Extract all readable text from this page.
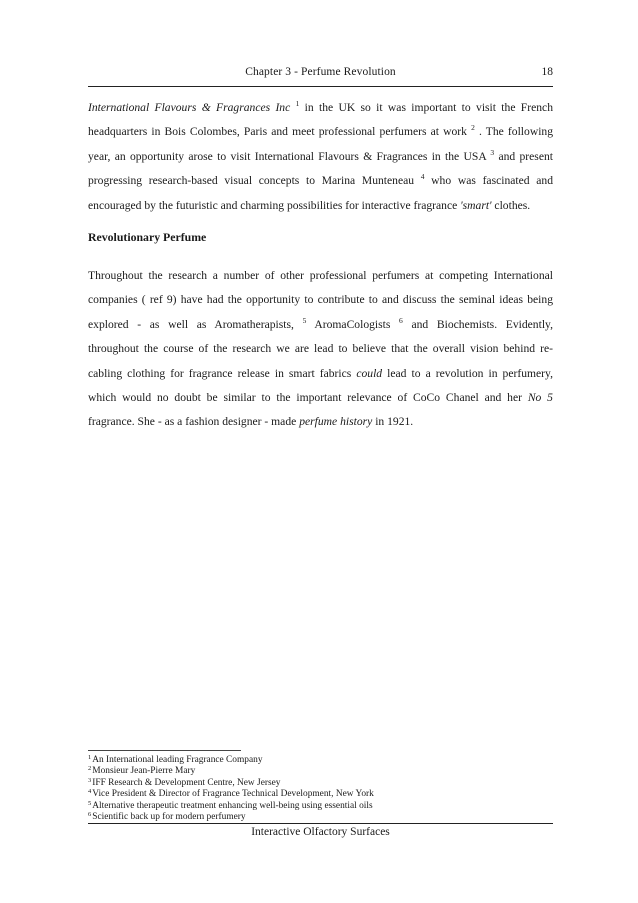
Chapter 3 - Perfume Revolution	18
International Flavours & Fragrances Inc $^1$ in the UK so it was important to visit the French
headquarters in Bois Colombes, Paris and meet professional perfumers at work $^2$ . The following
year, an opportunity arose to visit International Flavours & Fragrances in the USA $^3$ and present
progressing research-based visual concepts to Marina Munteneau $^4$ who was fascinated and
encouraged by the futuristic and charming possibilities for interactive fragrance 'smart' clothes.
Revolutionary Perfume
Throughout the research a number of other professional perfumers at competing International
companies ( ref 9) have had the opportunity to contribute to and discuss the seminal ideas being
explored - as well as Aromatherapists, $^5$ AromaCologists $^6$ and Biochemists. Evidently,
throughout the course of the research we are lead to believe that the overall vision behind re-
cabling clothing for fragrance release in smart fabrics could lead to a revolution in perfumery,
which would no doubt be similar to the important relevance of CoCo Chanel and her No 5
fragrance. She - as a fashion designer - made perfume history in 1921.
$^1$An International leading Fragrance Company
$^2$Monsieur Jean-Pierre Mary
$^3$IFF Research & Development Centre, New Jersey
$^4$Vice President & Director of Fragrance Technical Development, New York
$^5$Alternative therapeutic treatment enhancing well-being using essential oils
$^6$Scientific back up for modern perfumery
Interactive Olfactory Surfaces
